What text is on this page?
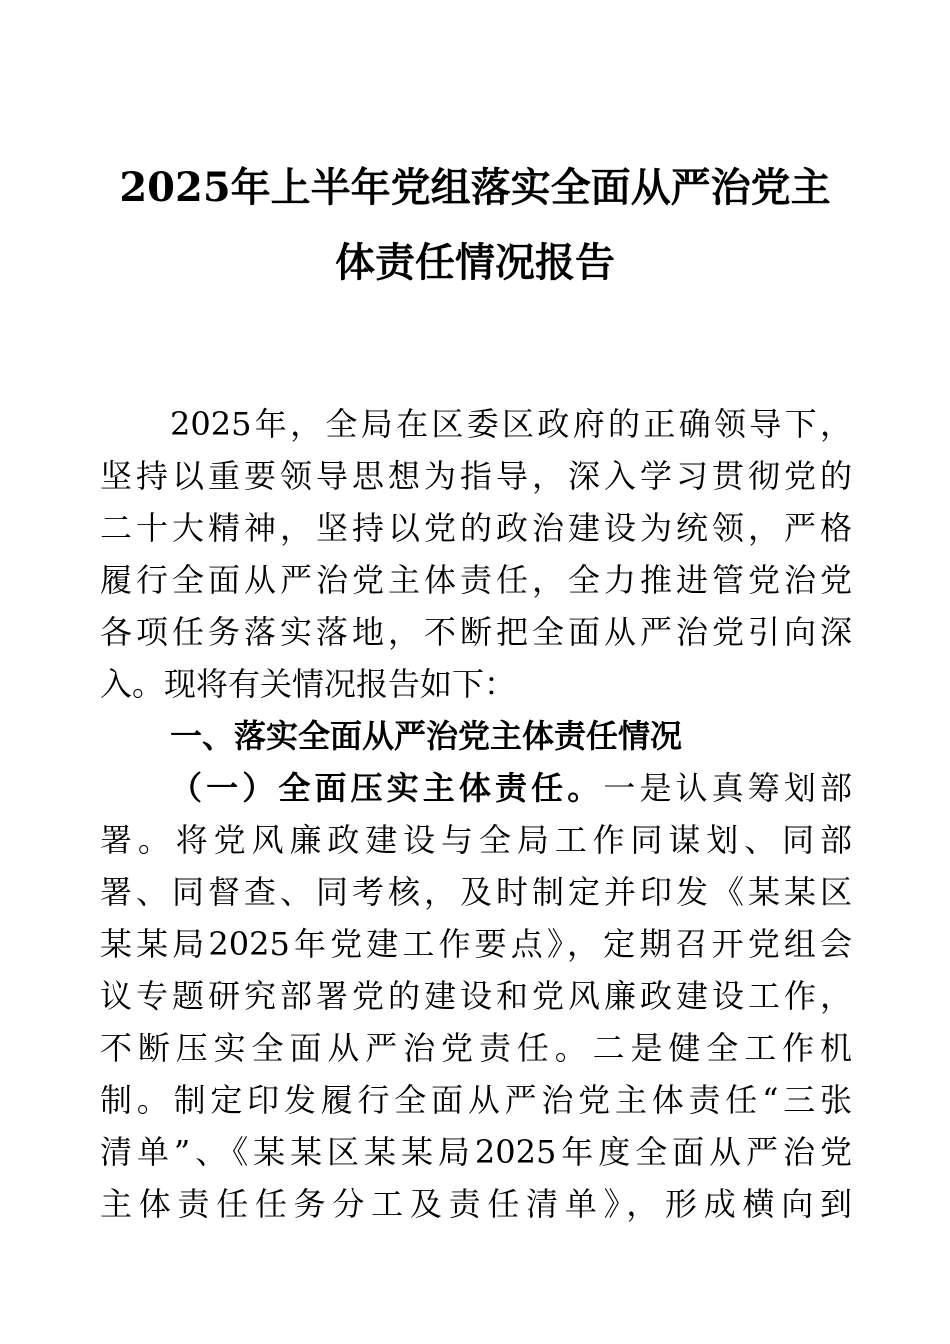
2025年上半年党组落实全面从严治党主
体责任情况报告
2025年，全局在区委区政府的正确领导下，
坚持以重要领导思想为指导，深入学习贯彻党的
二十大精神，坚持以党的政治建设为统领，严格
履行全面从严治党主体责任，全力推进管党治党
各项任务落实落地，不断把全面从严治党引向深
入。现将有关情况报告如下：
一、落实全面从严治党主体责任情况
（一）全面压实主体责任。一是认真筹划部
署。将党风廉政建设与全局工作同谋划、同部
署、同督查、同考核，及时制定并印发《某某区
某某局2025年党建工作要点》，定期召开党组会
议专题研究部署党的建设和党风廉政建设工作，
不断压实全面从严治党责任。二是健全工作机
制。制定印发履行全面从严治党主体责任“三张
清单”、《某某区某某局2025年度全面从严治党
主体责任任务分工及责任清单》，形成横向到
